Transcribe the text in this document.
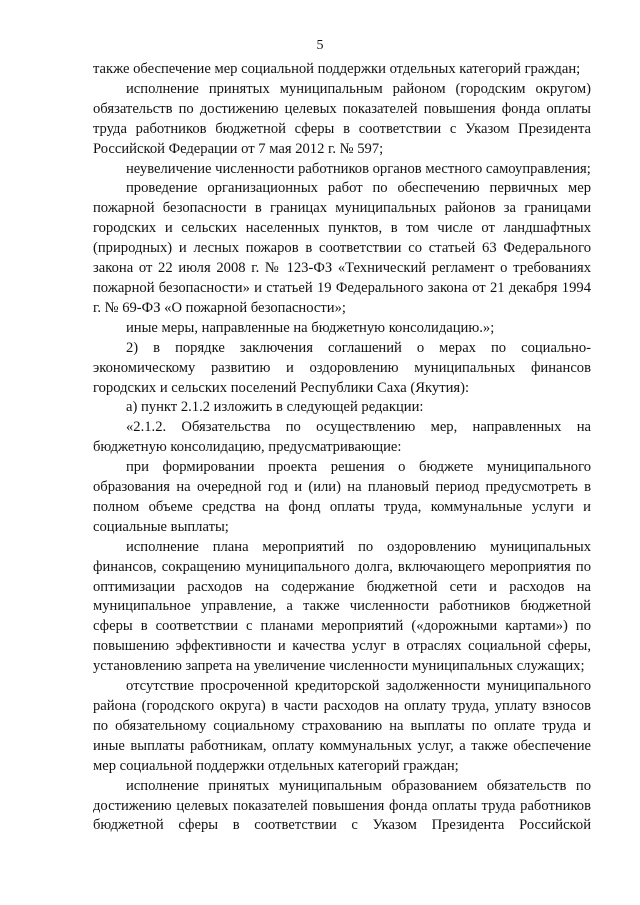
5

также обеспечение мер социальной поддержки отдельных категорий граждан;

исполнение принятых муниципальным районом (городским округом) обязательств по достижению целевых показателей повышения фонда оплаты труда работников бюджетной сферы в соответствии с Указом Президента Российской Федерации от 7 мая 2012 г. № 597;

неувеличение численности работников органов местного самоуправления;

проведение организационных работ по обеспечению первичных мер пожарной безопасности в границах муниципальных районов за границами городских и сельских населенных пунктов, в том числе от ландшафтных (природных) и лесных пожаров в соответствии со статьей 63 Федерального закона от 22 июля 2008 г. № 123-ФЗ «Технический регламент о требованиях пожарной безопасности» и статьей 19 Федерального закона от 21 декабря 1994 г. № 69-ФЗ «О пожарной безопасности»;

иные меры, направленные на бюджетную консолидацию.»;

2) в порядке заключения соглашений о мерах по социально-экономическому развитию и оздоровлению муниципальных финансов городских и сельских поселений Республики Саха (Якутия):

а) пункт 2.1.2 изложить в следующей редакции:

«2.1.2. Обязательства по осуществлению мер, направленных на бюджетную консолидацию, предусматривающие:

при формировании проекта решения о бюджете муниципального образования на очередной год и (или) на плановый период предусмотреть в полном объеме средства на фонд оплаты труда, коммунальные услуги и социальные выплаты;

исполнение плана мероприятий по оздоровлению муниципальных финансов, сокращению муниципального долга, включающего мероприятия по оптимизации расходов на содержание бюджетной сети и расходов на муниципальное управление, а также численности работников бюджетной сферы в соответствии с планами мероприятий («дорожными картами») по повышению эффективности и качества услуг в отраслях социальной сферы, установлению запрета на увеличение численности муниципальных служащих;

отсутствие просроченной кредиторской задолженности муниципального района (городского округа) в части расходов на оплату труда, уплату взносов по обязательному социальному страхованию на выплаты по оплате труда и иные выплаты работникам, оплату коммунальных услуг, а также обеспечение мер социальной поддержки отдельных категорий граждан;

исполнение принятых муниципальным образованием обязательств по достижению целевых показателей повышения фонда оплаты труда работников бюджетной сферы в соответствии с Указом Президента Российской
